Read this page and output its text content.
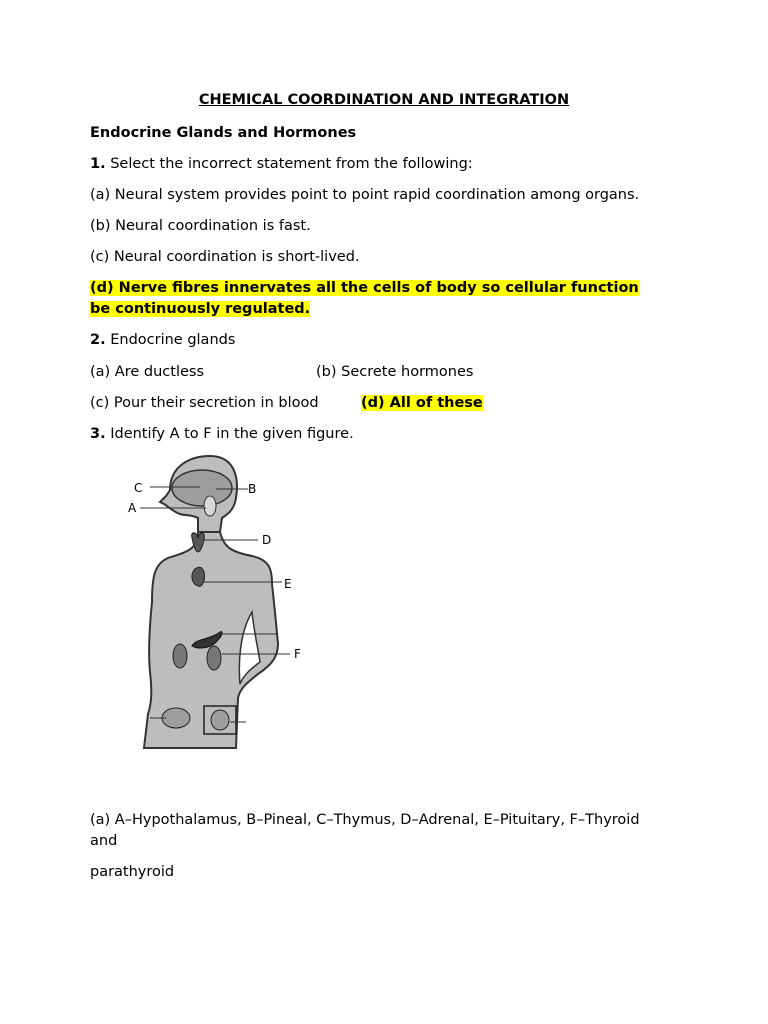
CHEMICAL COORDINATION AND INTEGRATION
Endocrine Glands and Hormones
1. Select the incorrect statement from the following:
(a) Neural system provides point to point rapid coordination among organs.
(b) Neural coordination is fast.
(c) Neural coordination is short-lived.
(d) Nerve fibres innervates all the cells of body so cellular function
be continuously regulated.
2. Endocrine glands
(a) Are ductless	(b) Secrete hormones
(c) Pour their secretion in blood	(d) All of these
3. Identify A to F in the given figure.
C	B
A
D
E
F
(a) A–Hypothalamus, B–Pineal, C–Thymus, D–Adrenal, E–Pituitary, F–Thyroid
and
parathyroid
